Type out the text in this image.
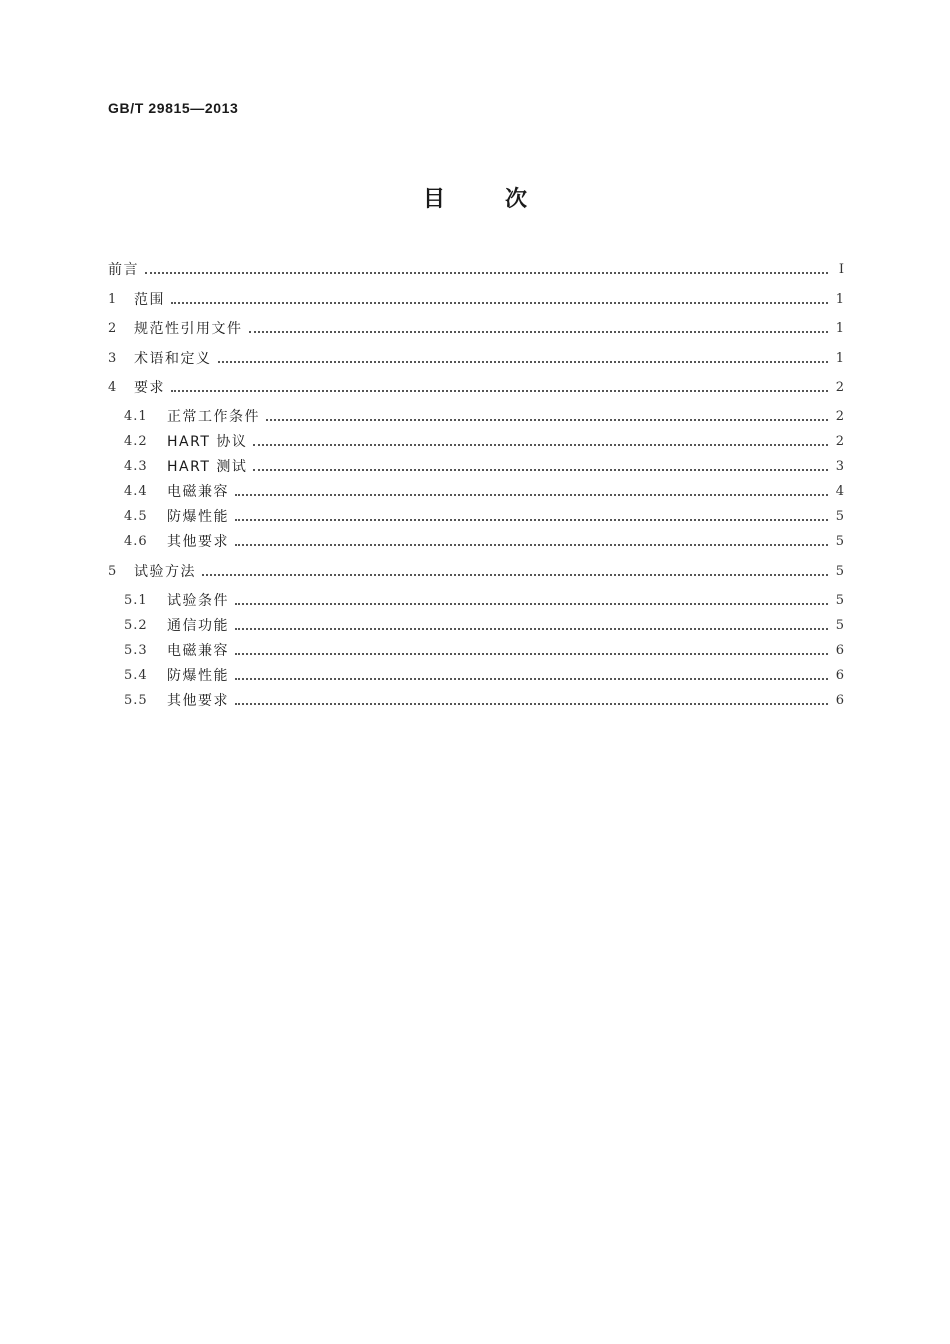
GB/T 29815—2013
目	次
前言	Ⅰ
1	范围	1
2	规范性引用文件	1
3	术语和定义	1
4	要求	2
4.1	正常工作条件	2
4.2	HART 协议	2
4.3	HART 测试	3
4.4	电磁兼容	4
4.5	防爆性能	5
4.6	其他要求	5
5	试验方法	5
5.1	试验条件	5
5.2	通信功能	5
5.3	电磁兼容	6
5.4	防爆性能	6
5.5	其他要求	6
